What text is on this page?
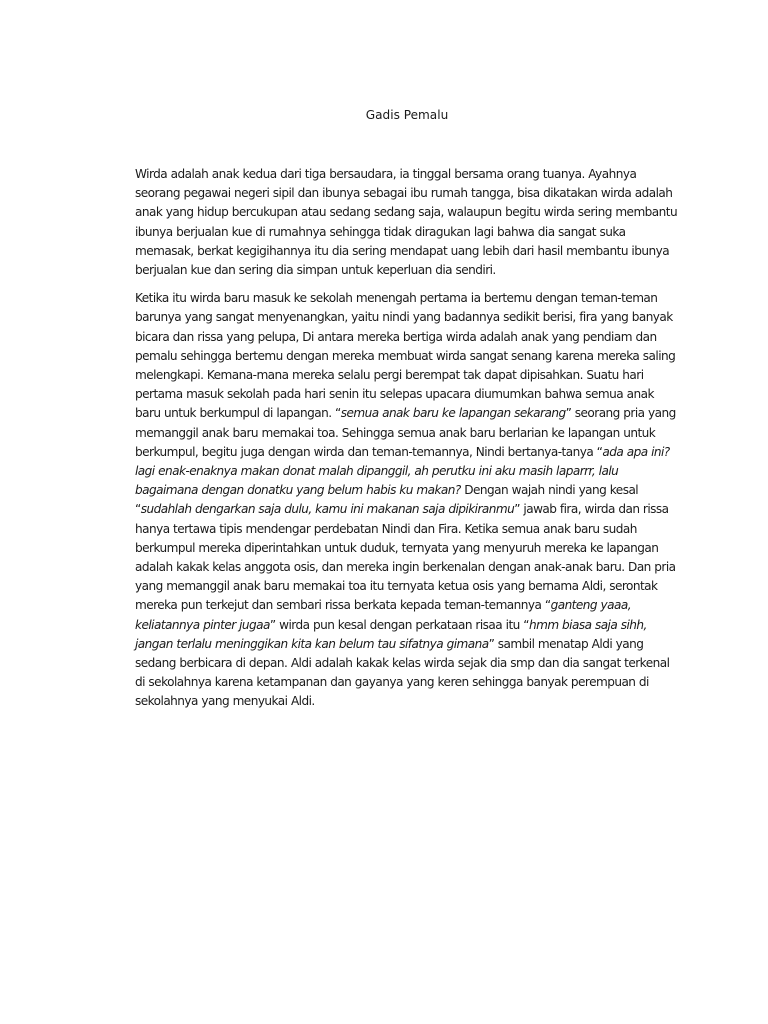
Gadis Pemalu

Wirda adalah anak kedua dari tiga bersaudara, ia tinggal bersama orang tuanya. Ayahnya
seorang pegawai negeri sipil dan ibunya sebagai ibu rumah tangga, bisa dikatakan wirda adalah
anak yang hidup bercukupan atau sedang sedang saja, walaupun begitu wirda sering membantu
ibunya berjualan kue di rumahnya sehingga tidak diragukan lagi bahwa dia sangat suka
memasak, berkat kegigihannya itu dia sering mendapat uang lebih dari hasil membantu ibunya
berjualan kue dan sering dia simpan untuk keperluan dia sendiri.

Ketika itu wirda baru masuk ke sekolah menengah pertama ia bertemu dengan teman-teman
barunya yang sangat menyenangkan, yaitu nindi yang badannya sedikit berisi, fira yang banyak
bicara dan rissa yang pelupa, Di antara mereka bertiga wirda adalah anak yang pendiam dan
pemalu sehingga bertemu dengan mereka membuat wirda sangat senang karena mereka saling
melengkapi. Kemana-mana mereka selalu pergi berempat tak dapat dipisahkan. Suatu hari
pertama masuk sekolah pada hari senin itu selepas upacara diumumkan bahwa semua anak
baru untuk berkumpul di lapangan. “semua anak baru ke lapangan sekarang” seorang pria yang
memanggil anak baru memakai toa. Sehingga semua anak baru berlarian ke lapangan untuk
berkumpul, begitu juga dengan wirda dan teman-temannya, Nindi bertanya-tanya “ada apa ini?
lagi enak-enaknya makan donat malah dipanggil, ah perutku ini aku masih laparrr, lalu
bagaimana dengan donatku yang belum habis ku makan? Dengan wajah nindi yang kesal
“sudahlah dengarkan saja dulu, kamu ini makanan saja dipikiranmu” jawab fira, wirda dan rissa
hanya tertawa tipis mendengar perdebatan Nindi dan Fira. Ketika semua anak baru sudah
berkumpul mereka diperintahkan untuk duduk, ternyata yang menyuruh mereka ke lapangan
adalah kakak kelas anggota osis, dan mereka ingin berkenalan dengan anak-anak baru. Dan pria
yang memanggil anak baru memakai toa itu ternyata ketua osis yang bernama Aldi, serontak
mereka pun terkejut dan sembari rissa berkata kepada teman-temannya “ganteng yaaa,
keliatannya pinter jugaa” wirda pun kesal dengan perkataan risaa itu “hmm biasa saja sihh,
jangan terlalu meninggikan kita kan belum tau sifatnya gimana” sambil menatap Aldi yang
sedang berbicara di depan. Aldi adalah kakak kelas wirda sejak dia smp dan dia sangat terkenal
di sekolahnya karena ketampanan dan gayanya yang keren sehingga banyak perempuan di
sekolahnya yang menyukai Aldi.
